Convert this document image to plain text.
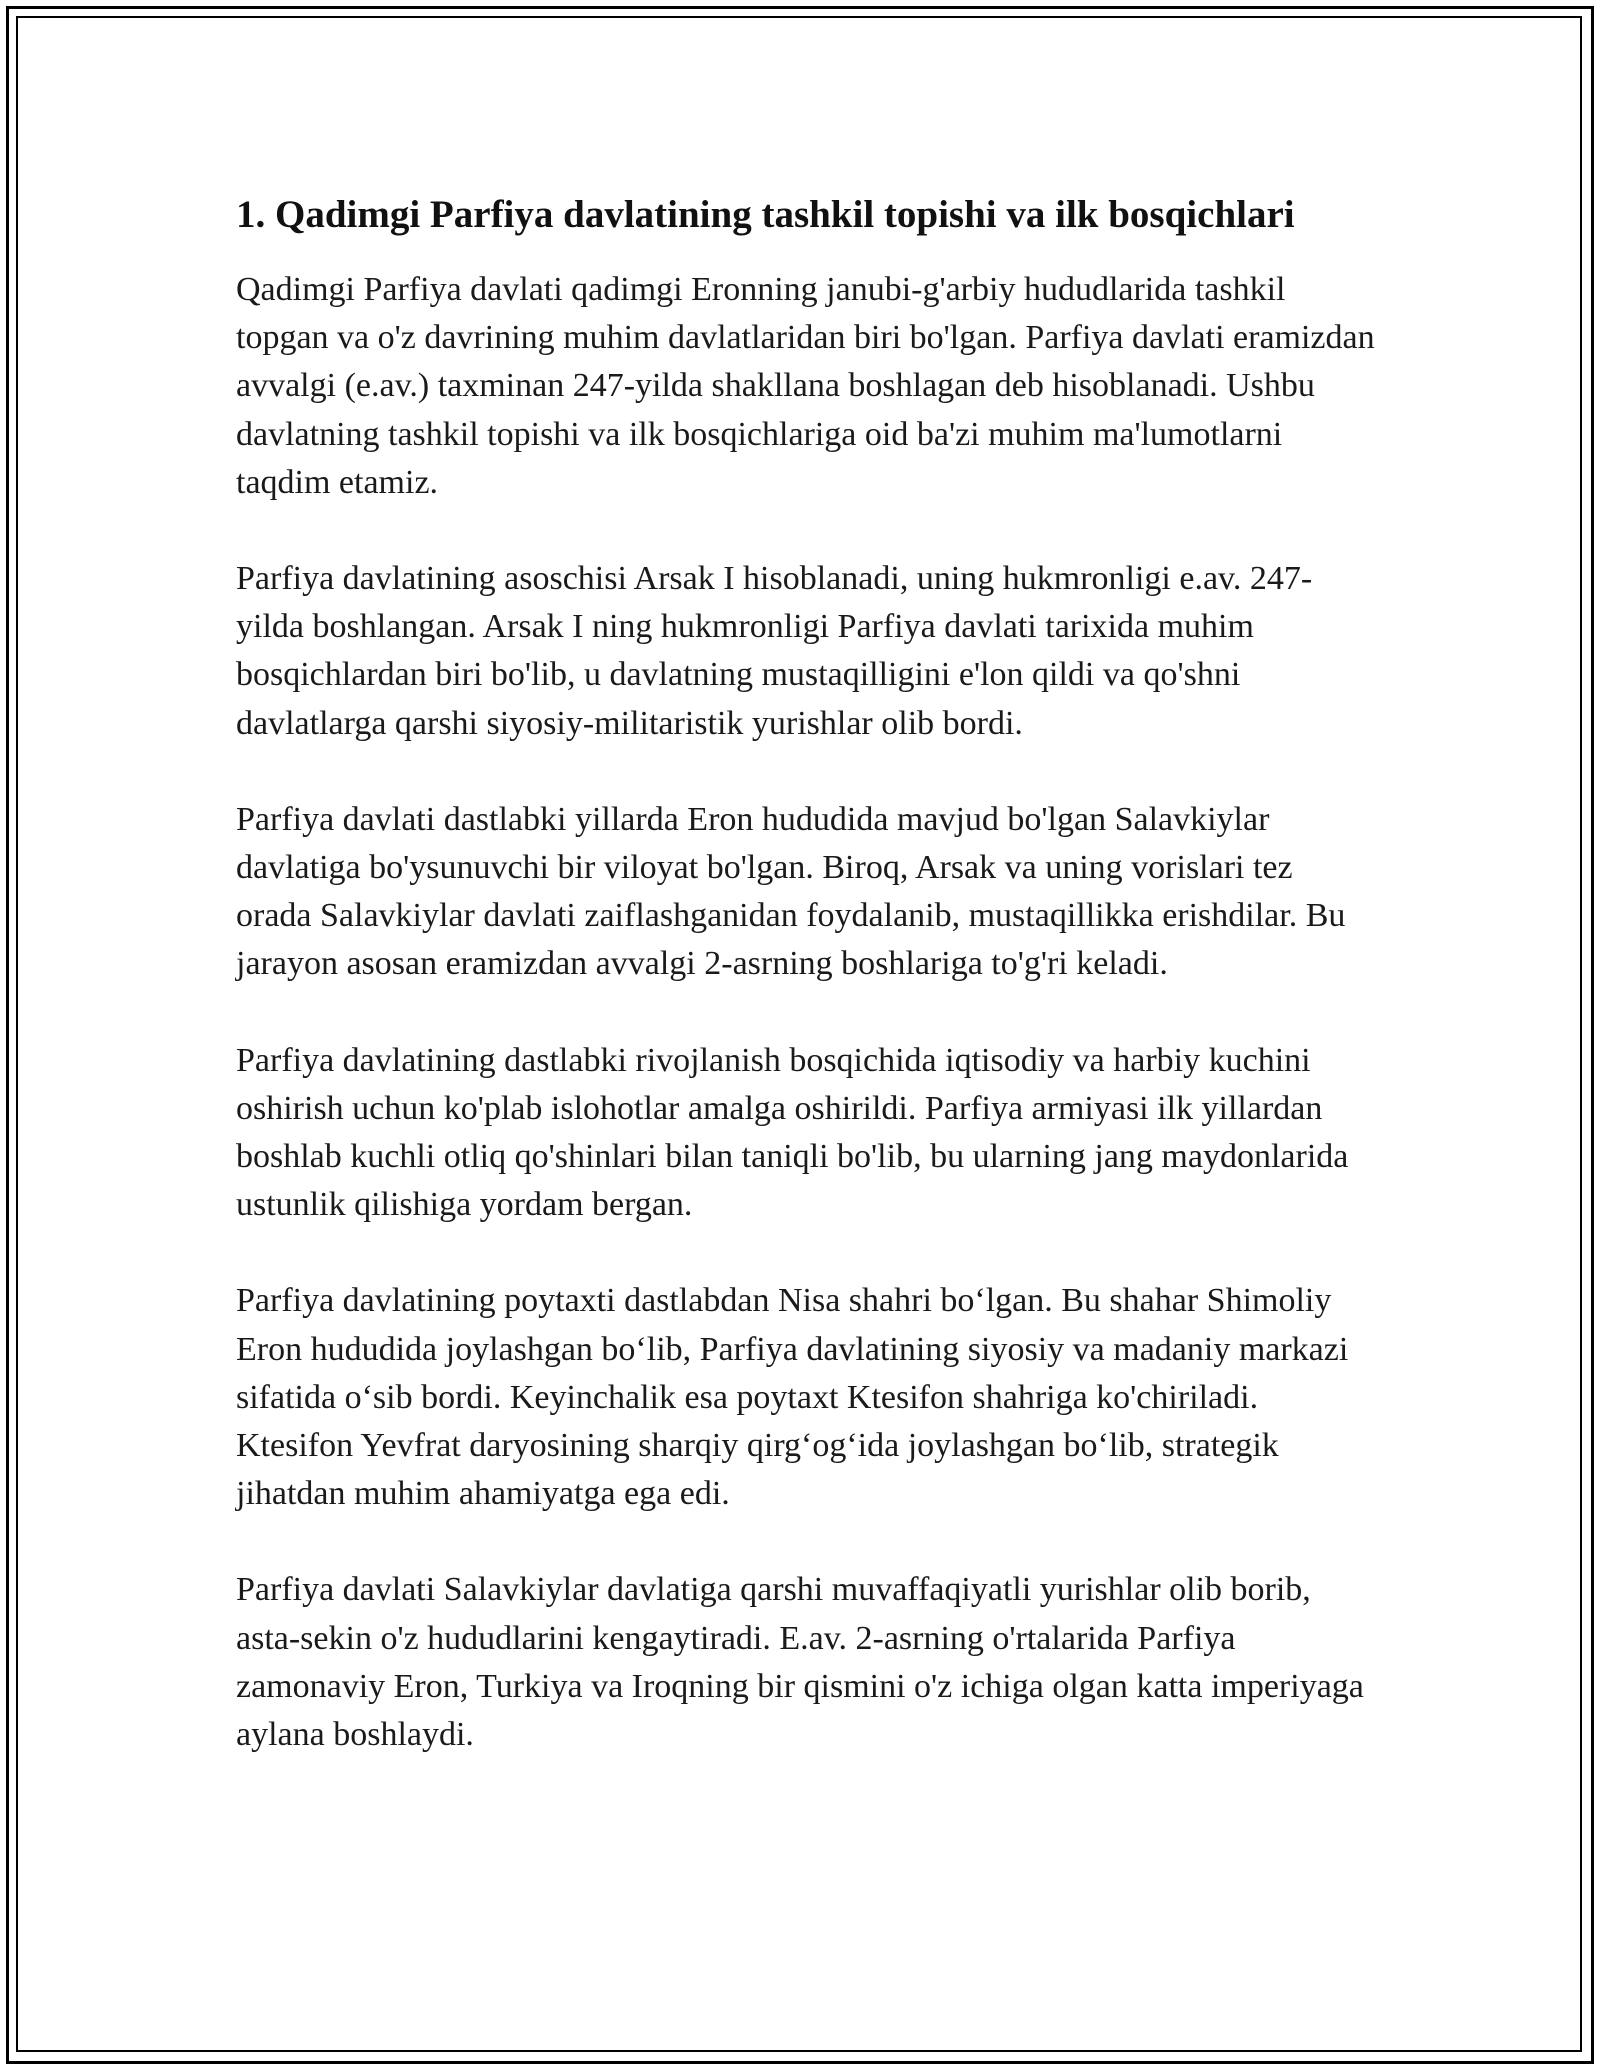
1. Qadimgi Parfiya davlatining tashkil topishi va ilk bosqichlari

Qadimgi Parfiya davlati qadimgi Eronning janubi-g'arbiy hududlarida tashkil topgan va o'z davrining muhim davlatlaridan biri bo'lgan. Parfiya davlati eramizdan avvalgi (e.av.) taxminan 247-yilda shakllana boshlagan deb hisoblanadi. Ushbu davlatning tashkil topishi va ilk bosqichlariga oid ba'zi muhim ma'lumotlarni taqdim etamiz.

Parfiya davlatining asoschisi Arsak I hisoblanadi, uning hukmronligi e.av. 247-yilda boshlangan. Arsak I ning hukmronligi Parfiya davlati tarixida muhim bosqichlardan biri bo'lib, u davlatning mustaqilligini e'lon qildi va qo'shni davlatlarga qarshi siyosiy-militaristik yurishlar olib bordi.

Parfiya davlati dastlabki yillarda Eron hududida mavjud bo'lgan Salavkiylar davlatiga bo'ysunuvchi bir viloyat bo'lgan. Biroq, Arsak va uning vorislari tez orada Salavkiylar davlati zaiflashganidan foydalanib, mustaqillikka erishdilar. Bu jarayon asosan eramizdan avvalgi 2-asrning boshlariga to'g'ri keladi.

Parfiya davlatining dastlabki rivojlanish bosqichida iqtisodiy va harbiy kuchini oshirish uchun ko'plab islohotlar amalga oshirildi. Parfiya armiyasi ilk yillardan boshlab kuchli otliq qo'shinlari bilan taniqli bo'lib, bu ularning jang maydonlarida ustunlik qilishiga yordam bergan.

Parfiya davlatining poytaxti dastlabdan Nisa shahri bo‘lgan. Bu shahar Shimoliy Eron hududida joylashgan bo‘lib, Parfiya davlatining siyosiy va madaniy markazi sifatida o‘sib bordi. Keyinchalik esa poytaxt Ktesifon shahriga ko'chiriladi. Ktesifon Yevfrat daryosining sharqiy qirg‘og‘ida joylashgan bo‘lib, strategik jihatdan muhim ahamiyatga ega edi.

Parfiya davlati Salavkiylar davlatiga qarshi muvaffaqiyatli yurishlar olib borib, asta-sekin o'z hududlarini kengaytiradi. E.av. 2-asrning o'rtalarida Parfiya zamonaviy Eron, Turkiya va Iroqning bir qismini o'z ichiga olgan katta imperiyaga aylana boshlaydi.
